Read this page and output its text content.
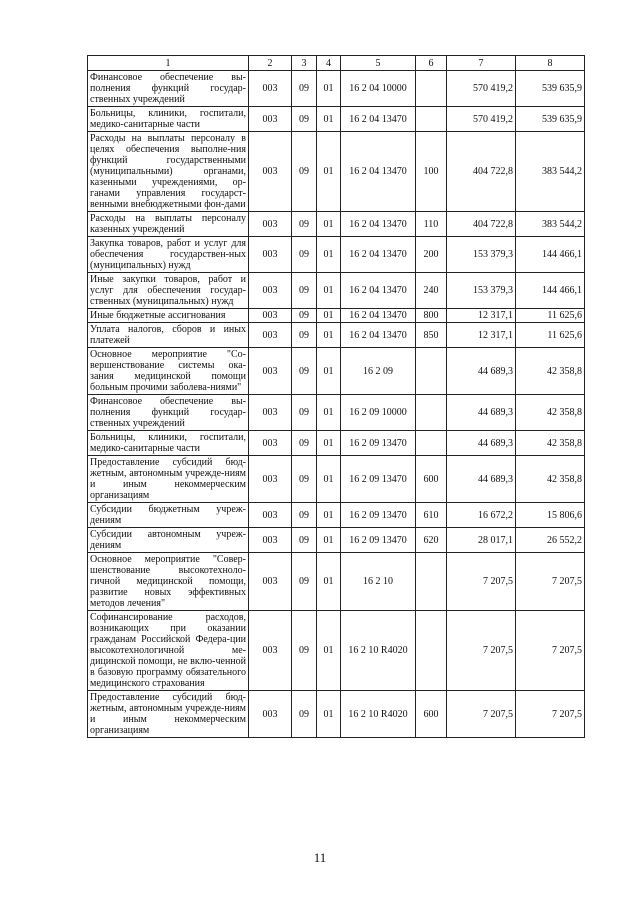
1	2	3	4	5	6	7	8
Финансовое обеспечение вы-полнения функций государ-ственных учреждений	003	09	01	16 2 04 10000		570 419,2	539 635,9
Больницы, клиники, госпитали, медико-санитарные части	003	09	01	16 2 04 13470		570 419,2	539 635,9
Расходы на выплаты персоналу в целях обеспечения выполне-ния функций государственными (муниципальными) органами, казенными учреждениями, ор-ганами управления государст-венными внебюджетными фон-дами	003	09	01	16 2 04 13470	100	404 722,8	383 544,2
Расходы на выплаты персоналу казенных учреждений	003	09	01	16 2 04 13470	110	404 722,8	383 544,2
Закупка товаров, работ и услуг для обеспечения государствен-ных (муниципальных) нужд	003	09	01	16 2 04 13470	200	153 379,3	144 466,1
Иные закупки товаров, работ и услуг для обеспечения государ-ственных (муниципальных) нужд	003	09	01	16 2 04 13470	240	153 379,3	144 466,1
Иные бюджетные ассигнования	003	09	01	16 2 04 13470	800	12 317,1	11 625,6
Уплата налогов, сборов и иных платежей	003	09	01	16 2 04 13470	850	12 317,1	11 625,6
Основное мероприятие "Со-вершенствование системы ока-зания медицинской помощи больным прочими заболева-ниями"	003	09	01	16 2 09		44 689,3	42 358,8
Финансовое обеспечение вы-полнения функций государ-ственных учреждений	003	09	01	16 2 09 10000		44 689,3	42 358,8
Больницы, клиники, госпитали, медико-санитарные части	003	09	01	16 2 09 13470		44 689,3	42 358,8
Предоставление субсидий бюд-жетным, автономным учрежде-ниям и иным некоммерческим организациям	003	09	01	16 2 09 13470	600	44 689,3	42 358,8
Субсидии бюджетным учреж-дениям	003	09	01	16 2 09 13470	610	16 672,2	15 806,6
Субсидии автономным учреж-дениям	003	09	01	16 2 09 13470	620	28 017,1	26 552,2
Основное мероприятие "Совер-шенствование высокотехноло-гичной медицинской помощи, развитие новых эффективных методов лечения"	003	09	01	16 2 10		7 207,5	7 207,5
Софинансирование расходов, возникающих при оказании гражданам Российской Федера-ции высокотехнологичной ме-дицинской помощи, не вклю-ченной в базовую программу обязательного медицинского страхования	003	09	01	16 2 10 R4020		7 207,5	7 207,5
Предоставление субсидий бюд-жетным, автономным учрежде-ниям и иным некоммерческим организациям	003	09	01	16 2 10 R4020	600	7 207,5	7 207,5
11
